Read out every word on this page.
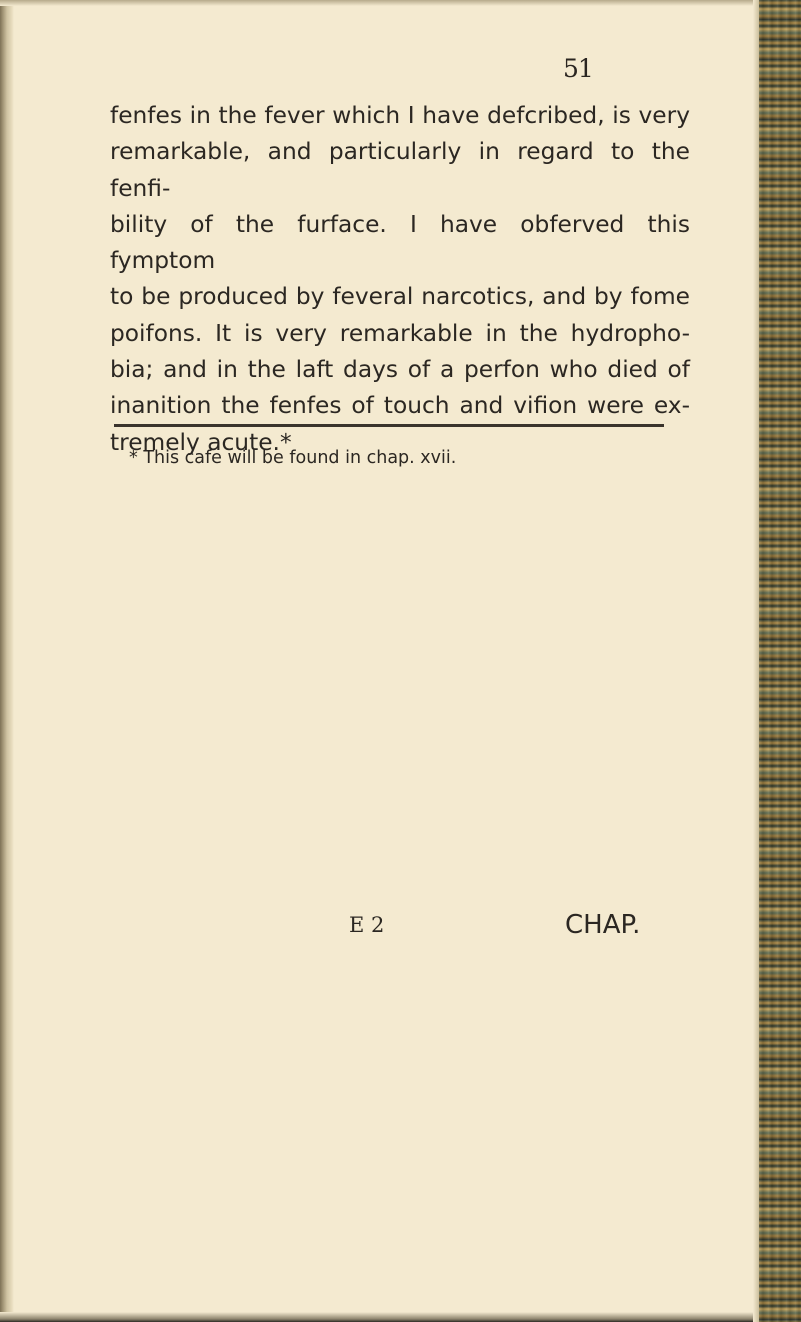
51
fenfes in the fever which I have defcribed, is very
remarkable, and particularly in regard to the fenfi-
bility of the furface. I have obferved this fymptom
to be produced by feveral narcotics, and by fome
poifons. It is very remarkable in the hydropho-
bia; and in the laft days of a perfon who died of
inanition the fenfes of touch and vifion were ex-
tremely acute.*
* This cafe will be found in chap. xvii.
E 2	CHAP.
